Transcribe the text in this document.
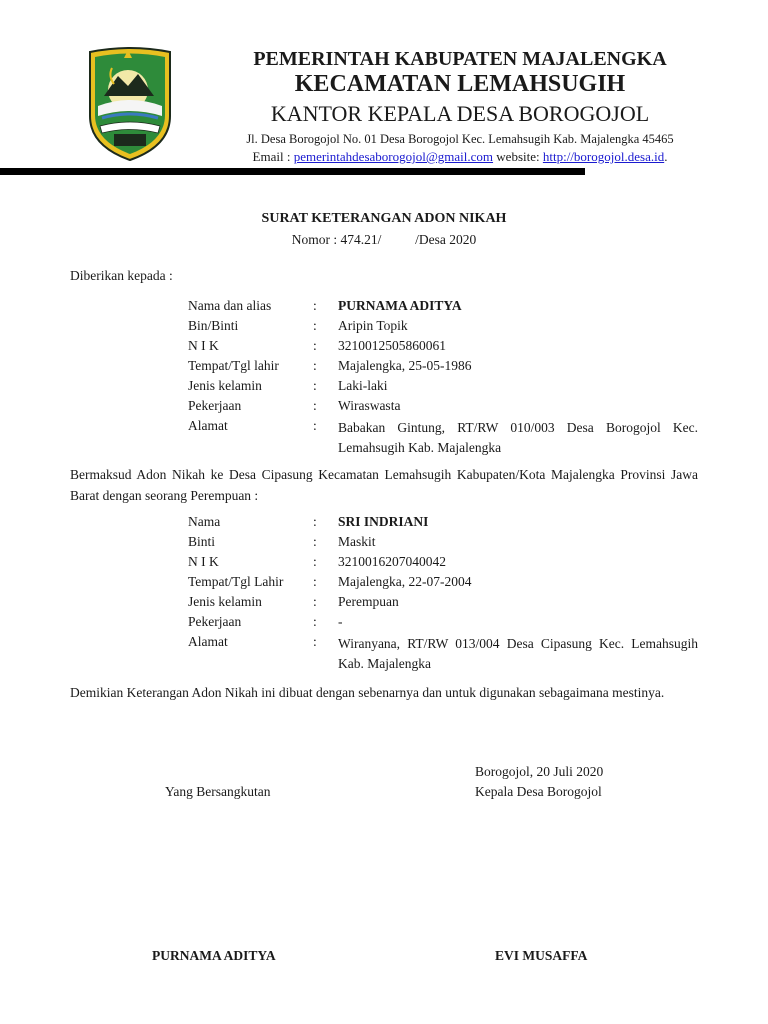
PEMERINTAH KABUPATEN MAJALENGKA
KECAMATAN LEMAHSUGIH
KANTOR KEPALA DESA BOROGOJOL
Jl. Desa Borogojol No. 01 Desa Borogojol Kec. Lemahsugih Kab. Majalengka 45465
Email : pemerintahdesaborogojol@gmail.com website: http://borogojol.desa.id.
SURAT KETERANGAN ADON NIKAH
Nomor : 474.21/          /Desa 2020
Diberikan kepada :
Nama dan alias	: PURNAMA ADITYA
Bin/Binti	: Aripin Topik
N I K	: 3210012505860061
Tempat/Tgl lahir	: Majalengka, 25-05-1986
Jenis kelamin	: Laki-laki
Pekerjaan	: Wiraswasta
Alamat	: Babakan Gintung, RT/RW 010/003 Desa Borogojol Kec. Lemahsugih Kab. Majalengka
Bermaksud Adon Nikah ke Desa Cipasung Kecamatan Lemahsugih Kabupaten/Kota Majalengka Provinsi Jawa Barat dengan seorang Perempuan :
Nama	: SRI INDRIANI
Binti	: Maskit
N I K	: 3210016207040042
Tempat/Tgl Lahir : Majalengka, 22-07-2004
Jenis kelamin	: Perempuan
Pekerjaan	: -
Alamat	: Wiranyana, RT/RW 013/004 Desa Cipasung Kec. Lemahsugih Kab. Majalengka
Demikian Keterangan Adon Nikah ini dibuat dengan sebenarnya dan untuk digunakan sebagaimana mestinya.
Borogojol, 20 Juli 2020
Yang Bersangkutan	Kepala Desa Borogojol
PURNAMA ADITYA	EVI MUSAFFA
